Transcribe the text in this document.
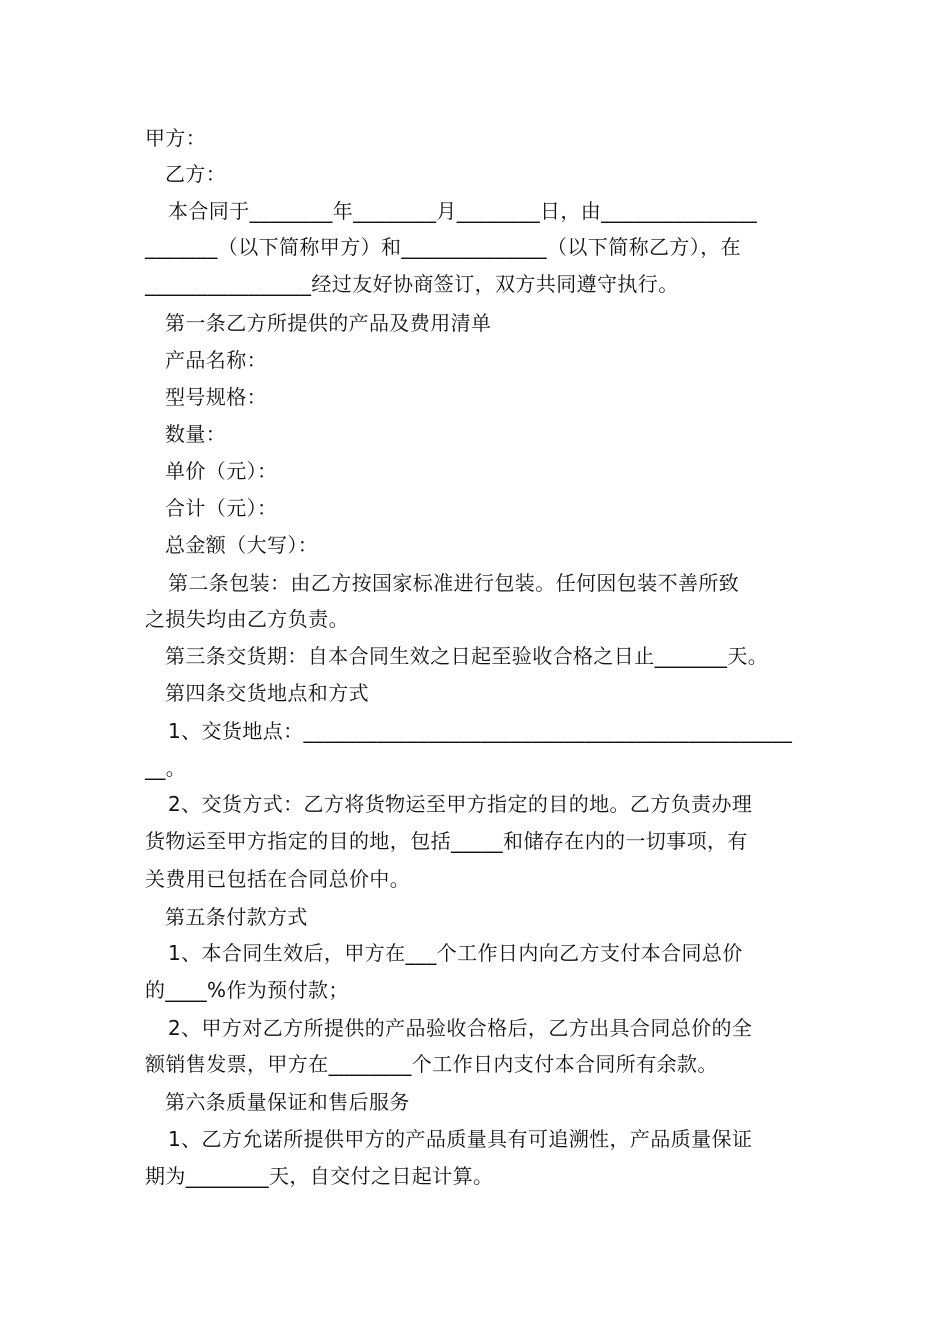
甲方：
乙方：
本合同于________年________月________日，由_______________
_______（以下简称甲方）和______________（以下简称乙方），在
________________经过友好协商签订，双方共同遵守执行。
第一条乙方所提供的产品及费用清单
产品名称：
型号规格：
数量：
单价（元）：
合计（元）：
总金额（大写）：
第二条包装：由乙方按国家标准进行包装。任何因包装不善所致
之损失均由乙方负责。
第三条交货期：自本合同生效之日起至验收合格之日止_______天。
第四条交货地点和方式
1、交货地点：_______________________________________________
__。
2、交货方式：乙方将货物运至甲方指定的目的地。乙方负责办理
货物运至甲方指定的目的地，包括_____和储存在内的一切事项，有
关费用已包括在合同总价中。
第五条付款方式
1、本合同生效后，甲方在___个工作日内向乙方支付本合同总价
的____%作为预付款；
2、甲方对乙方所提供的产品验收合格后，乙方出具合同总价的全
额销售发票，甲方在________个工作日内支付本合同所有余款。
第六条质量保证和售后服务
1、乙方允诺所提供甲方的产品质量具有可追溯性，产品质量保证
期为________天，自交付之日起计算。
